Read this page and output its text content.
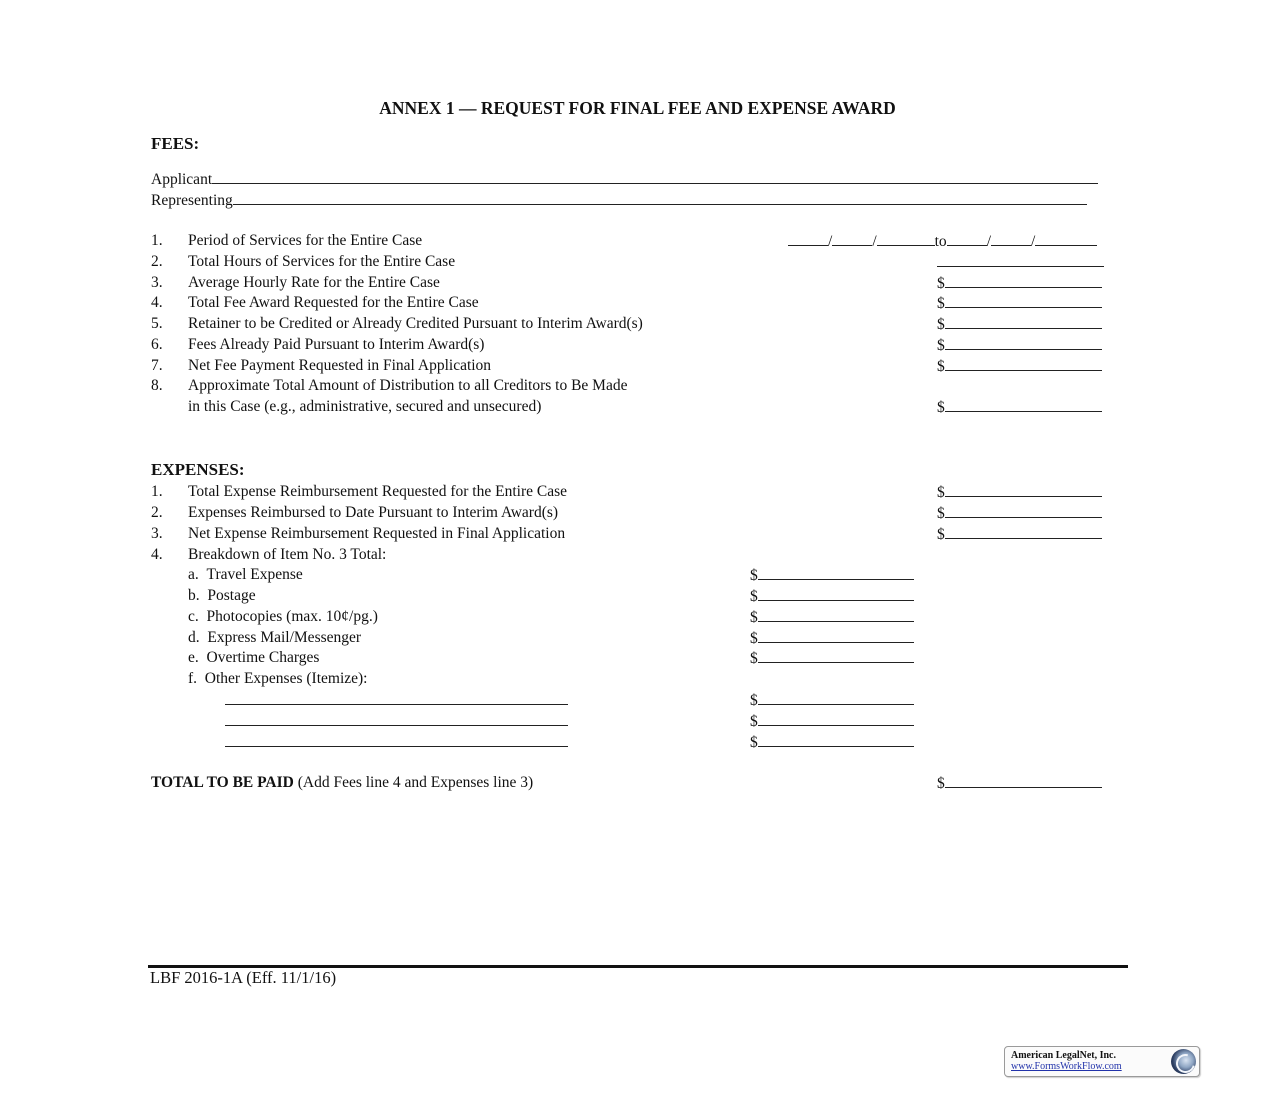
ANNEX 1 — REQUEST FOR FINAL FEE AND EXPENSE AWARD
FEES:
Applicant
Representing
1. Period of Services for the Entire Case	/	/	to	/	/
2. Total Hours of Services for the Entire Case
3. Average Hourly Rate for the Entire Case	$
4. Total Fee Award Requested for the Entire Case	$
5. Retainer to be Credited or Already Credited Pursuant to Interim Award(s)	$
6. Fees Already Paid Pursuant to Interim Award(s)	$
7. Net Fee Payment Requested in Final Application	$
8. Approximate Total Amount of Distribution to all Creditors to Be Made
in this Case (e.g., administrative, secured and unsecured)	$
EXPENSES:
1. Total Expense Reimbursement Requested for the Entire Case	$
2. Expenses Reimbursed to Date Pursuant to Interim Award(s)	$
3. Net Expense Reimbursement Requested in Final Application	$
4. Breakdown of Item No. 3 Total:
a. Travel Expense	$
b. Postage	$
c. Photocopies (max. 10¢/pg.)	$
d. Express Mail/Messenger	$
e. Overtime Charges	$
f. Other Expenses (Itemize):
$
$
$
TOTAL TO BE PAID (Add Fees line 4 and Expenses line 3)	$
LBF 2016-1A (Eff. 11/1/16)
American LegalNet, Inc.
www.FormsWorkFlow.com
